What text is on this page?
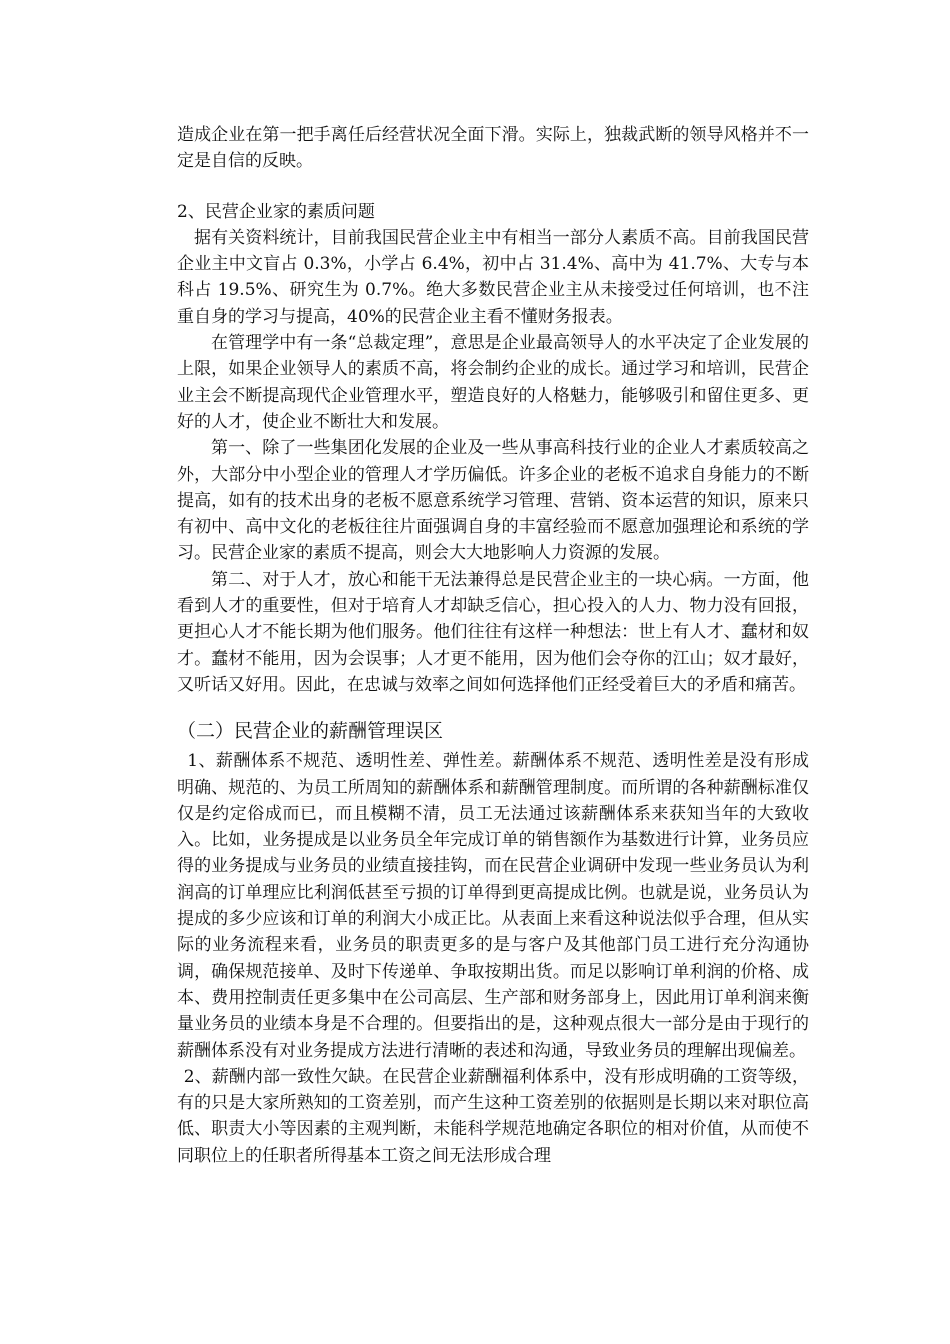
造成企业在第一把手离任后经营状况全面下滑。实际上，独裁武断的领导风格并不一定是自信的反映。

2、民营企业家的素质问题

据有关资料统计，目前我国民营企业主中有相当一部分人素质不高。目前我国民营企业主中文盲占 0.3%，小学占 6.4%，初中占 31.4%、高中为 41.7%、大专与本科占 19.5%、研究生为 0.7%。绝大多数民营企业主从未接受过任何培训，也不注重自身的学习与提高，40%的民营企业主看不懂财务报表。

在管理学中有一条“总裁定理”，意思是企业最高领导人的水平决定了企业发展的上限，如果企业领导人的素质不高，将会制约企业的成长。通过学习和培训，民营企业主会不断提高现代企业管理水平，塑造良好的人格魅力，能够吸引和留住更多、更好的人才，使企业不断壮大和发展。

第一、除了一些集团化发展的企业及一些从事高科技行业的企业人才素质较高之外，大部分中小型企业的管理人才学历偏低。许多企业的老板不追求自身能力的不断提高，如有的技术出身的老板不愿意系统学习管理、营销、资本运营的知识，原来只有初中、高中文化的老板往往片面强调自身的丰富经验而不愿意加强理论和系统的学习。民营企业家的素质不提高，则会大大地影响人力资源的发展。

第二、对于人才，放心和能干无法兼得总是民营企业主的一块心病。一方面，他看到人才的重要性，但对于培育人才却缺乏信心，担心投入的人力、物力没有回报，更担心人才不能长期为他们服务。他们往往有这样一种想法：世上有人才、蠢材和奴才。蠢材不能用，因为会误事；人才更不能用，因为他们会夺你的江山；奴才最好，又听话又好用。因此，在忠诚与效率之间如何选择他们正经受着巨大的矛盾和痛苦。

（二）民营企业的薪酬管理误区

1、薪酬体系不规范、透明性差、弹性差。薪酬体系不规范、透明性差是没有形成明确、规范的、为员工所周知的薪酬体系和薪酬管理制度。而所谓的各种薪酬标准仅仅是约定俗成而已，而且模糊不清，员工无法通过该薪酬体系来获知当年的大致收入。比如，业务提成是以业务员全年完成订单的销售额作为基数进行计算，业务员应得的业务提成与业务员的业绩直接挂钩，而在民营企业调研中发现一些业务员认为利润高的订单理应比利润低甚至亏损的订单得到更高提成比例。也就是说，业务员认为提成的多少应该和订单的利润大小成正比。从表面上来看这种说法似乎合理，但从实际的业务流程来看，业务员的职责更多的是与客户及其他部门员工进行充分沟通协调，确保规范接单、及时下传递单、争取按期出货。而足以影响订单利润的价格、成本、费用控制责任更多集中在公司高层、生产部和财务部身上，因此用订单利润来衡量业务员的业绩本身是不合理的。但要指出的是，这种观点很大一部分是由于现行的薪酬体系没有对业务提成方法进行清晰的表述和沟通，导致业务员的理解出现偏差。

2、薪酬内部一致性欠缺。在民营企业薪酬福利体系中，没有形成明确的工资等级，有的只是大家所熟知的工资差别，而产生这种工资差别的依据则是长期以来对职位高低、职责大小等因素的主观判断，未能科学规范地确定各职位的相对价值，从而使不同职位上的任职者所得基本工资之间无法形成合理
